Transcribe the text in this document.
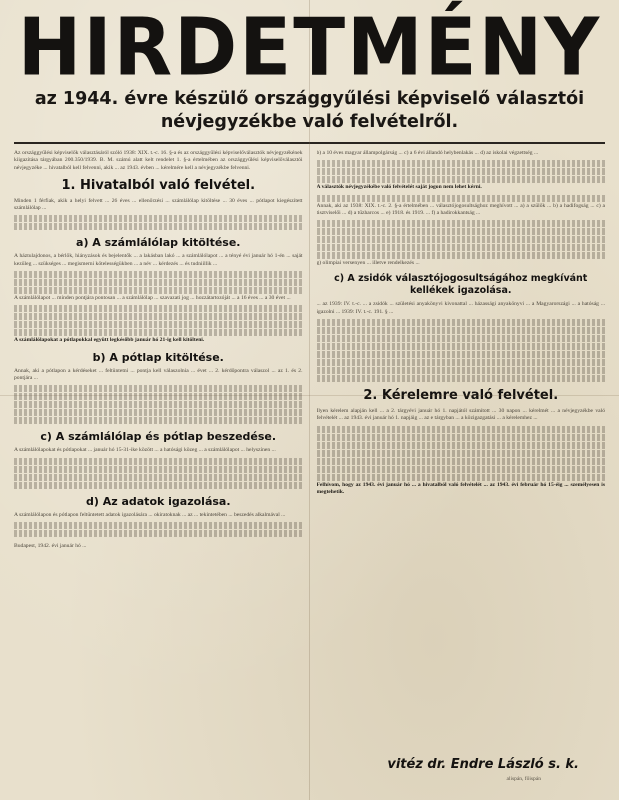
HIRDETMÉNY

az 1944. évre készülő országgyűlési képviselő választói

névjegyzékbe való felvételről.

Az országgyűlési képviselők választásáról szóló 1938: XIX. t.-c. 16. §-a és az országgyűlési képviselőválasztók névjegyzékének kiigazítása tárgyában 200.350/1939. B. M. számú alatt kelt rendelet 1. §-a értelmében az országgyűlési képviselőválasztói névjegyzéke ... hivatalból kell felvenni, akik ... az 1943. évben ... kérelmére kell a névjegyzékbe felvenni.

1. Hivatalból való felvétel.

Minden 1 férfiak, akik a helyi felvett ... 26 éves ... ellenőrzési ... számlálólap kitöltése ... 30 éves ... pótlapot kiegészített számlálólap ...

a) A számlálólap kitöltése.

A háztulajdonos, a bérlők, hiányzások és bejelentők ... a lakásban lakó ... a számlálólapot ... a tényé évi január hó 1-én ... saját kezűleg ... szükséges ... megismerni kötelességükben ... a név ... kérdezés ... és tudniillik ...

A számlálólapot ... minden pontjára pontosan ... a számlálólap ... szavazati jog ... hozzátartozóját ... a 16 éves ... a 30 évet ...

A számlálólapokat a pótlapokkal együtt legkésőbb január hó 21-ig kell kitölteni.

b) A pótlap kitöltése.

Annak, aki a pótlapon a kérdéseket ... feltüntetni ... pontja kell válaszolnia ... évet ... 2. kérdőpontra válaszol ... az 1. és 2. pontjára ...

c) A számlálólap és pótlap beszedése.

A számlálólapokat és pótlapokat ... január hó 15-31-ike között ... a hatósági közeg ... a számlálólapot ... helyszínen ...

d) Az adatok igazolása.

A számlálólapon és pótlapon feltüntetett adatok igazolására ... okiratoknak ... az ... tekintetében ... beszedés alkalmával ...

Budapest, 1942. évi január hó ...

b) a 10 éves magyar állampolgárság ... c) a 6 évi állandó helybenlakás ... d) az iskolai végzettség ...

A választók névjegyzékébe való felvételét saját jogon nem lehet kérni.

Annak, aki az 1938: XIX. t.-c. 2. §-a értelmében ... választójogosultsághoz meghívott ... a) a szülők ... b) a hadifogság ... c) a tisztviselői ... d) a tűzharcos ... e) 1918. és 1919. ... f) a hadirokkantság ...

g) olimpiai versenyen ... illetve rendelkezés ...

c) A zsidók választójogosultságához megkívánt kellékek igazolása.

... az 1939: IV. t.-c. ... a zsidók ... születési anyakönyvi kivonattal ... házassági anyakönyvi ... a Magyarországi ... a hatóság ... igazolni ... 1939: IV. t.-c. 191. § ...

2. Kérelemre való felvétel.

Ilyen kérelem alapján kell ... a 2. tárgyévi január hó 1. napjától számított ... 30 napon ... kérelmét ... a névjegyzékbe való felvételét ... az 1943. évi január hó 1. napjáig ... az e tárgyban ... a közigazgatási ... a kérelemhez ...

Felhívom, hogy az 1943. évi január hó ... a hivatalból való felvételét ... az 1943. évi február hó 15-éig ... személyesen is megtehetik.

vitéz dr. Endre László s. k.
alispán, főispán
